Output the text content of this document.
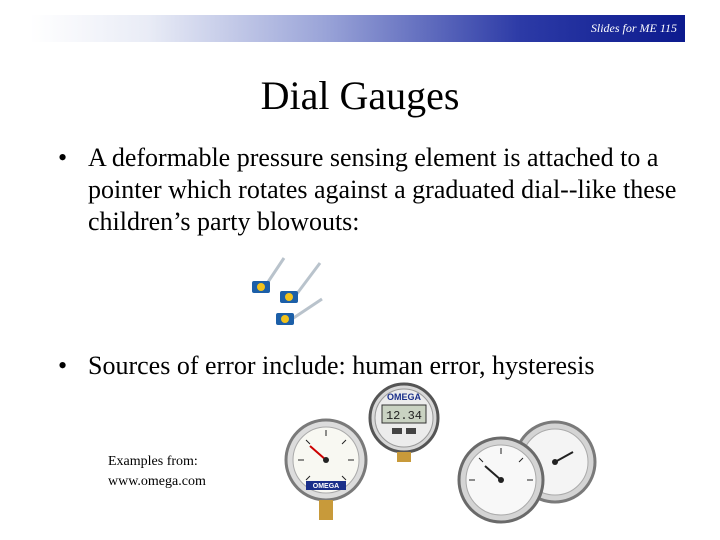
Slides for ME 115
Dial Gauges
• A deformable pressure sensing element is attached to a pointer which rotates against a graduated dial--like these children’s party blowouts:
• Sources of error include: human error, hysteresis
Examples from:
www.omega.com
OMEGA
12.34
OMEGA
